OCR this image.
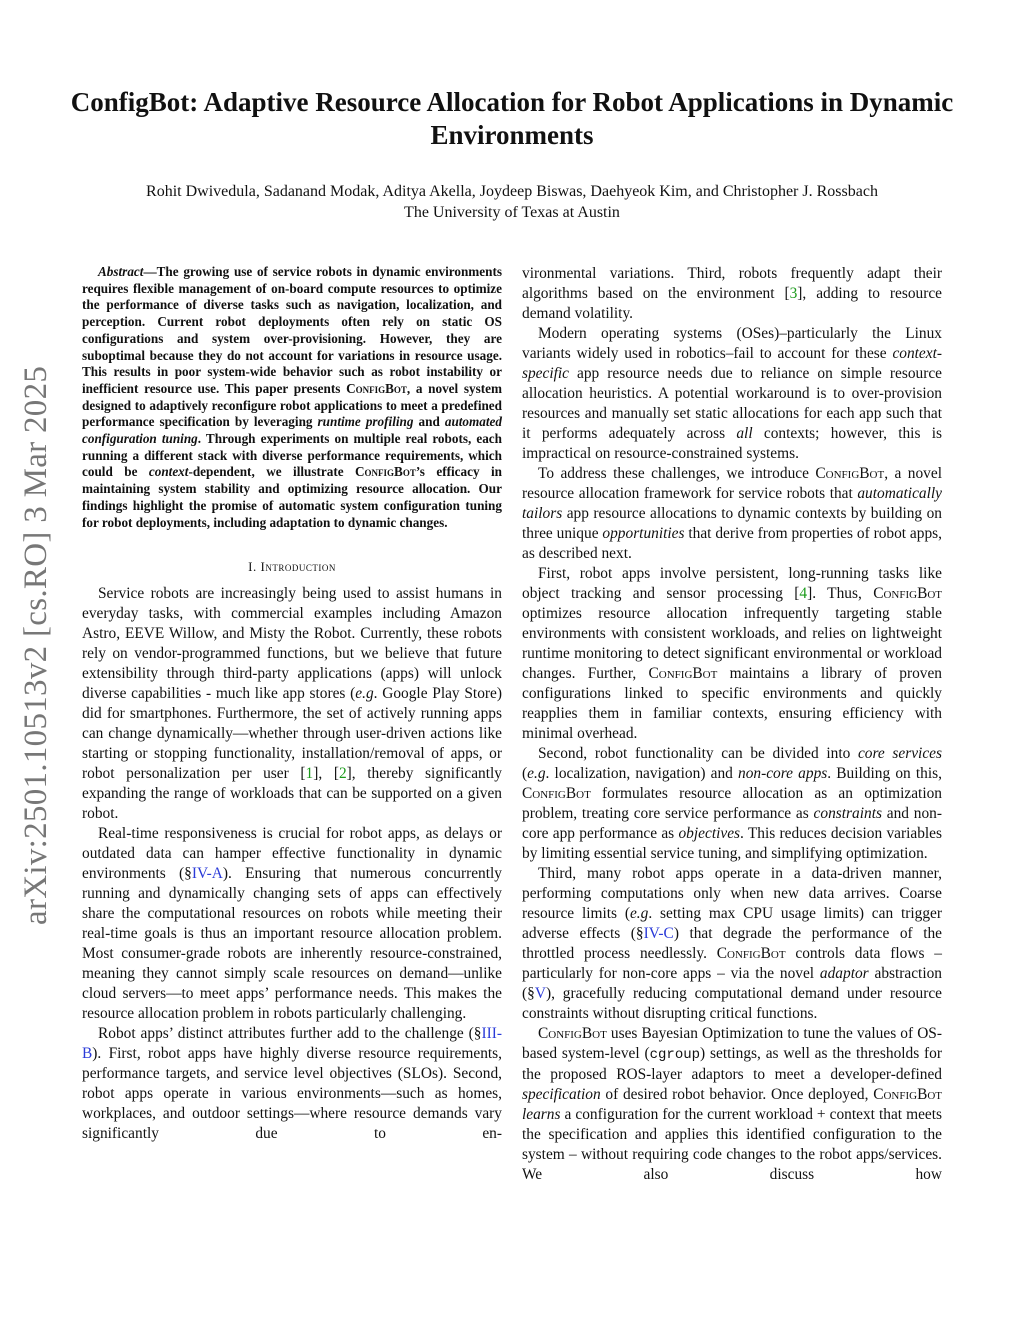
arXiv:2501.10513v2 [cs.RO] 3 Mar 2025
ConfigBot: Adaptive Resource Allocation for Robot Applications in Dynamic Environments
Rohit Dwivedula, Sadanand Modak, Aditya Akella, Joydeep Biswas, Daehyeok Kim, and Christopher J. Rossbach
The University of Texas at Austin

Abstract—The growing use of service robots in dynamic environments requires flexible management of on-board compute resources to optimize the performance of diverse tasks such as navigation, localization, and perception. Current robot deployments often rely on static OS configurations and system over-provisioning. However, they are suboptimal because they do not account for variations in resource usage. This results in poor system-wide behavior such as robot instability or inefficient resource use. This paper presents ConfigBot, a novel system designed to adaptively reconfigure robot applications to meet a predefined performance specification by leveraging runtime profiling and automated configuration tuning. Through experiments on multiple real robots, each running a different stack with diverse performance requirements, which could be context-dependent, we illustrate ConfigBot’s efficacy in maintaining system stability and optimizing resource allocation. Our findings highlight the promise of automatic system configuration tuning for robot deployments, including adaptation to dynamic changes.

I. Introduction

Service robots are increasingly being used to assist humans in everyday tasks, with commercial examples including Amazon Astro, EEVE Willow, and Misty the Robot. Currently, these robots rely on vendor-programmed functions, but we believe that future extensibility through third-party applications (apps) will unlock diverse capabilities - much like app stores (e.g. Google Play Store) did for smartphones. Furthermore, the set of actively running apps can change dynamically—whether through user-driven actions like starting or stopping functionality, installation/removal of apps, or robot personalization per user [1], [2], thereby significantly expanding the range of workloads that can be supported on a given robot.

Real-time responsiveness is crucial for robot apps, as delays or outdated data can hamper effective functionality in dynamic environments (§IV-A). Ensuring that numerous concurrently running and dynamically changing sets of apps can effectively share the computational resources on robots while meeting their real-time goals is thus an important resource allocation problem. Most consumer-grade robots are inherently resource-constrained, meaning they cannot simply scale resources on demand—unlike cloud servers—to meet apps’ performance needs. This makes the resource allocation problem in robots particularly challenging.

Robot apps’ distinct attributes further add to the challenge (§III-B). First, robot apps have highly diverse resource requirements, performance targets, and service level objectives (SLOs). Second, robot apps operate in various environments—such as homes, workplaces, and outdoor settings—where resource demands vary significantly due to en-

vironmental variations. Third, robots frequently adapt their algorithms based on the environment [3], adding to resource demand volatility.

Modern operating systems (OSes)–particularly the Linux variants widely used in robotics–fail to account for these context-specific app resource needs due to reliance on simple resource allocation heuristics. A potential workaround is to over-provision resources and manually set static allocations for each app such that it performs adequately across all contexts; however, this is impractical on resource-constrained systems.

To address these challenges, we introduce ConfigBot, a novel resource allocation framework for service robots that automatically tailors app resource allocations to dynamic contexts by building on three unique opportunities that derive from properties of robot apps, as described next.

First, robot apps involve persistent, long-running tasks like object tracking and sensor processing [4]. Thus, ConfigBot optimizes resource allocation infrequently targeting stable environments with consistent workloads, and relies on lightweight runtime monitoring to detect significant environmental or workload changes. Further, ConfigBot maintains a library of proven configurations linked to specific environments and quickly reapplies them in familiar contexts, ensuring efficiency with minimal overhead.

Second, robot functionality can be divided into core services (e.g. localization, navigation) and non-core apps. Building on this, ConfigBot formulates resource allocation as an optimization problem, treating core service performance as constraints and non-core app performance as objectives. This reduces decision variables by limiting essential service tuning, and simplifying optimization.

Third, many robot apps operate in a data-driven manner, performing computations only when new data arrives. Coarse resource limits (e.g. setting max CPU usage limits) can trigger adverse effects (§IV-C) that degrade the performance of the throttled process needlessly. ConfigBot controls data flows – particularly for non-core apps – via the novel adaptor abstraction (§V), gracefully reducing computational demand under resource constraints without disrupting critical functions.

ConfigBot uses Bayesian Optimization to tune the values of OS-based system-level (cgroup) settings, as well as the thresholds for the proposed ROS-layer adaptors to meet a developer-defined specification of desired robot behavior. Once deployed, ConfigBot learns a configuration for the current workload + context that meets the specification and applies this identified configuration to the system – without requiring code changes to the robot apps/services. We also discuss how
